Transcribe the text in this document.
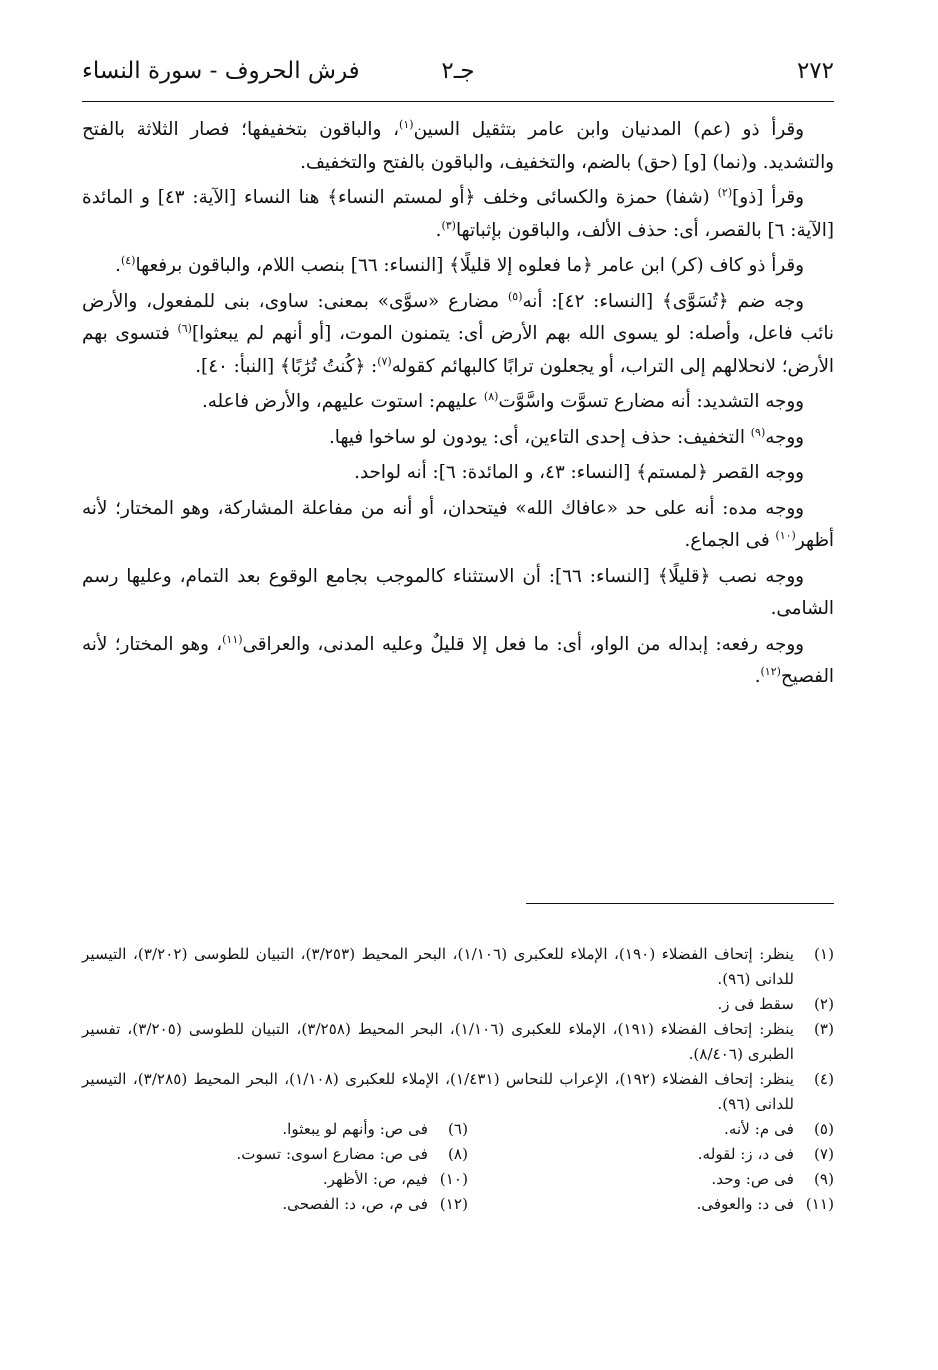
٢٧٢
جـ٢
فرش الحروف - سورة النساء

وقرأ ذو (عم) المدنيان وابن عامر بتثقيل السين$^{(١)}$، والباقون بتخفيفها؛ فصار الثلاثة بالفتح والتشديد. و(نما) [و] (حق) بالضم، والتخفيف، والباقون بالفتح والتخفيف.

وقرأ [ذو]$^{(٢)}$ (شفا) حمزة والكسائى وخلف ﴿أو لمستم النساء﴾ هنا النساء [الآية: ٤٣] و المائدة [الآية: ٦] بالقصر، أى: حذف الألف، والباقون بإثباتها$^{(٣)}$.

وقرأ ذو كاف (كر) ابن عامر ﴿ما فعلوه إلا قليلًا﴾ [النساء: ٦٦] بنصب اللام، والباقون برفعها$^{(٤)}$.

وجه ضم ﴿تُسَوَّى﴾ [النساء: ٤٢]: أنه$^{(٥)}$ مضارع «سوَّى» بمعنى: ساوى، بنى للمفعول، والأرض نائب فاعل، وأصله: لو يسوى الله بهم الأرض أى: يتمنون الموت، [أو أنهم لم يبعثوا]$^{(٦)}$ فتسوى بهم الأرض؛ لانحلالهم إلى التراب، أو يجعلون ترابًا كالبهائم كقوله$^{(٧)}$: ﴿كُنتُ تُرَٰبًا﴾ [النبأ: ٤٠].

ووجه التشديد: أنه مضارع تسوَّت واسَّوَّت$^{(٨)}$ عليهم: استوت عليهم، والأرض فاعله.

ووجه$^{(٩)}$ التخفيف: حذف إحدى التاءين، أى: يودون لو ساخوا فيها.

ووجه القصر ﴿لمستم﴾ [النساء: ٤٣، و المائدة: ٦]: أنه لواحد.

ووجه مده: أنه على حد «عافاك الله» فيتحدان، أو أنه من مفاعلة المشاركة، وهو المختار؛ لأنه أظهر$^{(١٠)}$ فى الجماع.

ووجه نصب ﴿قليلًا﴾ [النساء: ٦٦]: أن الاستثناء كالموجب بجامع الوقوع بعد التمام، وعليها رسم الشامى.

ووجه رفعه: إبداله من الواو، أى: ما فعل إلا قليلٌ وعليه المدنى، والعراقى$^{(١١)}$، وهو المختار؛ لأنه الفصيح$^{(١٢)}$.

(١)
ينظر: إتحاف الفضلاء (١٩٠)، الإملاء للعكبرى (١/١٠٦)، البحر المحيط (٣/٢٥٣)، التبيان للطوسى (٣/٢٠٢)، التيسير للدانى (٩٦).
(٢)
سقط فى ز.
(٣)
ينظر: إتحاف الفضلاء (١٩١)، الإملاء للعكبرى (١/١٠٦)، البحر المحيط (٣/٢٥٨)، التبيان للطوسى (٣/٢٠٥)، تفسير الطبرى (٨/٤٠٦).
(٤)
ينظر: إتحاف الفضلاء (١٩٢)، الإعراب للنحاس (١/٤٣١)، الإملاء للعكبرى (١/١٠٨)، البحر المحيط (٣/٢٨٥)، التيسير للدانى (٩٦).
(٥)
فى م: لأنه.
(٦)
فى ص: وأنهم لو يبعثوا.
(٧)
فى د، ز: لقوله.
(٨)
فى ص: مضارع اسوى: تسوت.
(٩)
فى ص: وحد.
(١٠)
فيم، ص: الأظهر.
(١١)
فى د: والعوفى.
(١٢)
فى م، ص، د: الفصحى.
